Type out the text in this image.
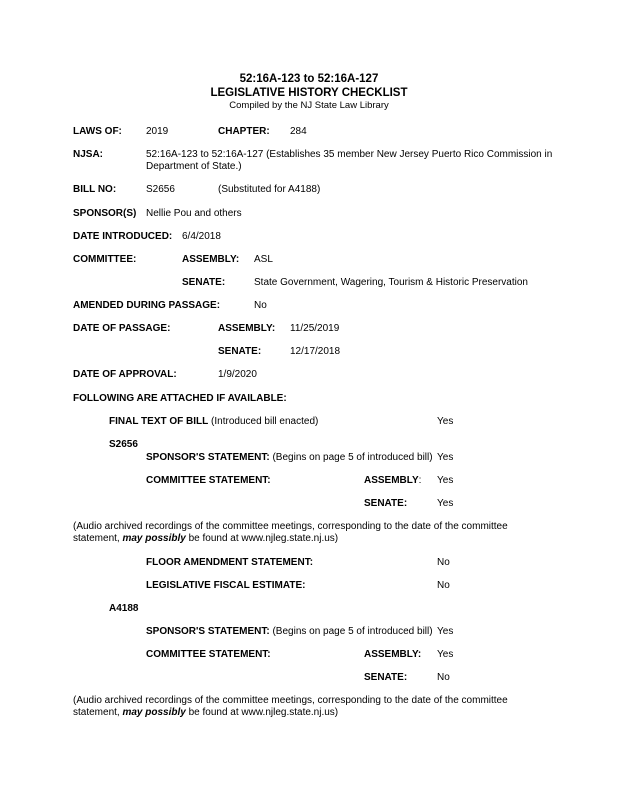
52:16A-123 to 52:16A-127
LEGISLATIVE HISTORY CHECKLIST
Compiled by the NJ State Law Library
LAWS OF: 2019	CHAPTER: 284
NJSA:	52:16A-123 to 52:16A-127 (Establishes 35 member New Jersey Puerto Rico Commission in
Department of State.)
BILL NO:	S2656	(Substituted for A4188)
SPONSOR(S) Nellie Pou and others
DATE INTRODUCED: 6/4/2018
COMMITTEE:	ASSEMBLY: ASL
SENATE:	State Government, Wagering, Tourism & Historic Preservation
AMENDED DURING PASSAGE:	No
DATE OF PASSAGE:	ASSEMBLY: 11/25/2019
SENATE:	12/17/2018
DATE OF APPROVAL:	1/9/2020
FOLLOWING ARE ATTACHED IF AVAILABLE:
FINAL TEXT OF BILL (Introduced bill enacted)	Yes
S2656
SPONSOR'S STATEMENT: (Begins on page 5 of introduced bill) Yes
COMMITTEE STATEMENT:	ASSEMBLY: Yes
SENATE:	Yes
(Audio archived recordings of the committee meetings, corresponding to the date of the committee
statement, may possibly be found at www.njleg.state.nj.us)
FLOOR AMENDMENT STATEMENT:	No
LEGISLATIVE FISCAL ESTIMATE:	No
A4188
SPONSOR'S STATEMENT: (Begins on page 5 of introduced bill) Yes
COMMITTEE STATEMENT:	ASSEMBLY: Yes
SENATE:	No
(Audio archived recordings of the committee meetings, corresponding to the date of the committee
statement, may possibly be found at www.njleg.state.nj.us)
